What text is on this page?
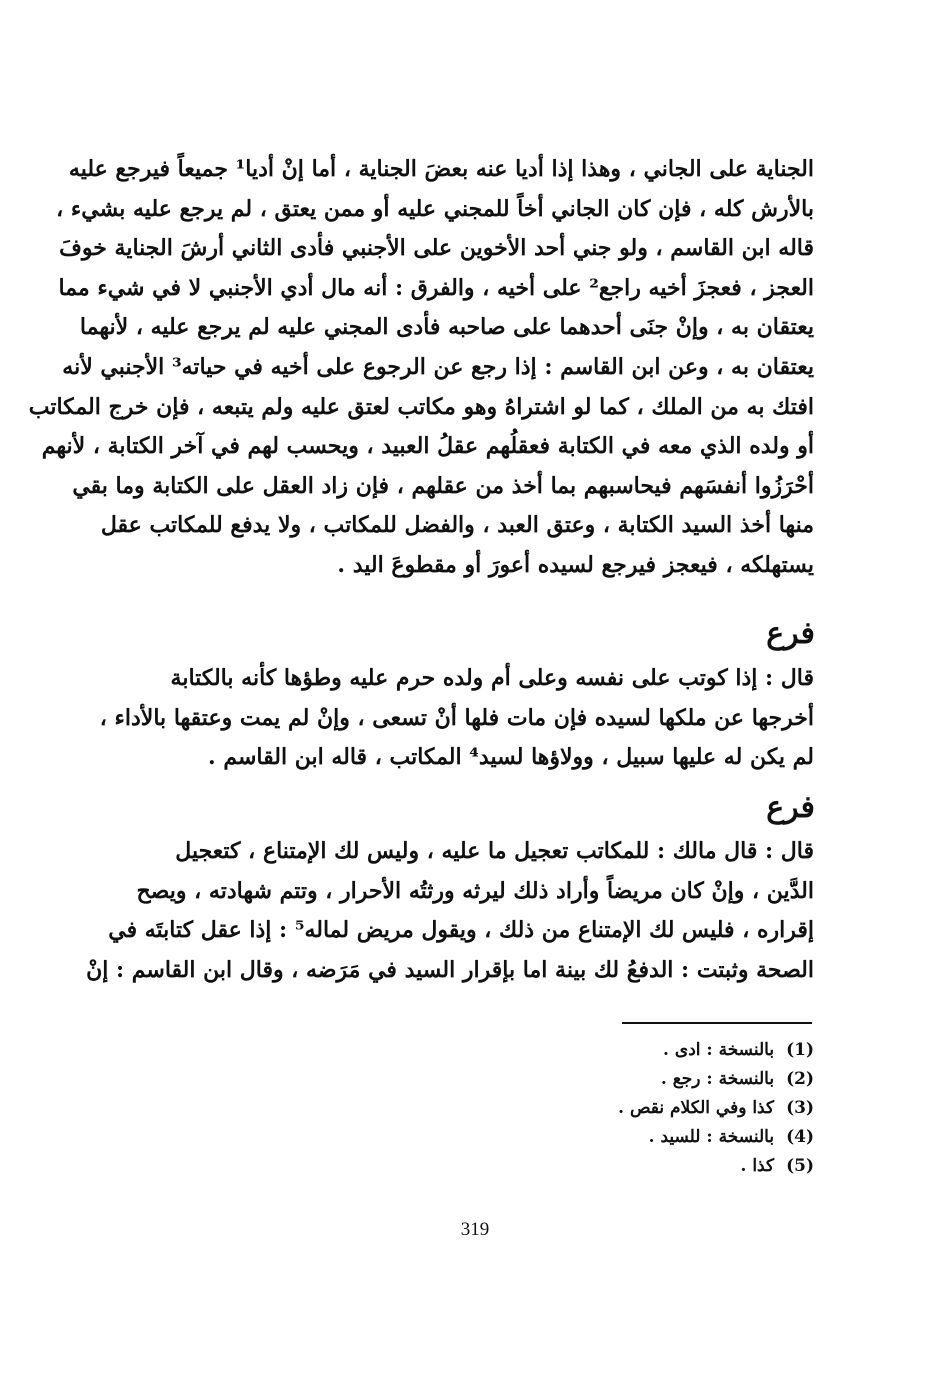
الجناية على الجاني ، وهذا إذا أديا عنه بعضَ الجناية ، أما إنْ أديا¹ جميعاً فيرجع عليه
بالأرش كله ، فإن كان الجاني أخاً للمجني عليه أو ممن يعتق ، لم يرجع عليه بشيء ،
قاله ابن القاسم ، ولو جني أحد الأخوين على الأجنبي فأدى الثاني أرشَ الجناية خوفَ
العجز ، فعجزَ أخيه راجع² على أخيه ، والفرق : أنه مال أدي الأجنبي لا في شيء مما
يعتقان به ، وإنْ جنَى أحدهما على صاحبه فأدى المجني عليه لم يرجع عليه ، لأنهما
يعتقان به ، وعن ابن القاسم : إذا رجع عن الرجوع على أخيه في حياته³ الأجنبي لأنه
افتك به من الملك ، كما لو اشتراهُ وهو مكاتب لعتق عليه ولم يتبعه ، فإن خرج المكاتب
أو ولده الذي معه في الكتابة فعقلُهم عقلُ العبيد ، ويحسب لهم في آخر الكتابة ، لأنهم
أحْرَزُوا أنفسَهم فيحاسبهم بما أخذ من عقلهم ، فإن زاد العقل على الكتابة وما بقي
منها أخذ السيد الكتابة ، وعتق العبد ، والفضل للمكاتب ، ولا يدفع للمكاتب عقل
يستهلكه ، فيعجز فيرجع لسيده أعورَ أو مقطوعَ اليد .
فرع
قال : إذا كوتب على نفسه وعلى أم ولده حرم عليه وطؤها كأنه بالكتابة
أخرجها عن ملكها لسيده فإن مات فلها أنْ تسعى ، وإنْ لم يمت وعتقها بالأداء ،
لم يكن له عليها سبيل ، وولاؤها لسيد⁴ المكاتب ، قاله ابن القاسم .
فرع
قال : قال مالك : للمكاتب تعجيل ما عليه ، وليس لك الإمتناع ، كتعجيل
الدَّين ، وإنْ كان مريضاً وأراد ذلك ليرثه ورثتُه الأحرار ، وتتم شهادته ، ويصح
إقراره ، فليس لك الإمتناع من ذلك ، ويقول مريض لماله⁵ : إذا عقل كتابتَه في
الصحة وثبتت : الدفعُ لك بينة اما بإقرار السيد في مَرَضه ، وقال ابن القاسم : إنْ
(1) بالنسخة : ادى .
(2) بالنسخة : رجع .
(3) كذا وفي الكلام نقص .
(4) بالنسخة : للسيد .
(5) كذا .
319
